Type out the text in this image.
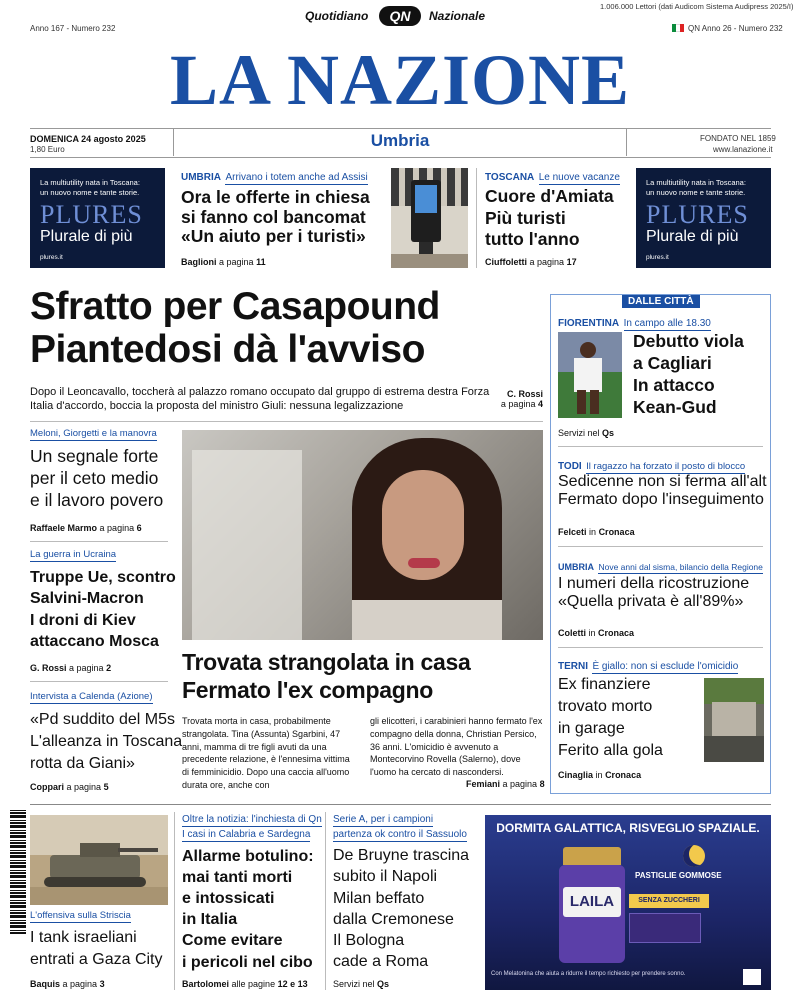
1.006.000 Lettori (dati Audicom Sistema Audipress 2025/I)
Anno 167 - Numero 232
Quotidiano	QN	Nazionale
QN Anno 26 - Numero 232
LA NAZIONE
DOMENICA 24 agosto 2025
1,80 Euro	Umbria	FONDATO NEL 1859
www.lanazione.it
La multiutility nata in Toscana:
un nuovo nome e tante storie.
PLURES
Plurale di più
plures.it
La multiutility nata in Toscana:
un nuovo nome e tante storie.
PLURES
Plurale di più
plures.it
UMBRIA Arrivano i totem anche ad Assisi
Ora le offerte in chiesa
si fanno col bancomat
«Un aiuto per i turisti»
Baglioni a pagina 11
TOSCANA Le nuove vacanze
Cuore d'Amiata
Più turisti
tutto l'anno
Ciuffoletti a pagina 17
Sfratto per Casapound
Piantedosi dà l'avviso
Dopo il Leoncavallo, toccherà al palazzo romano occupato dal gruppo di estrema destra Forza Italia d'accordo, boccia la proposta del ministro Giuli: nessuna legalizzazione
C. Rossi
a pagina 4
DALLE CITTÀ
FIORENTINA In campo alle 18.30
Debutto viola
a Cagliari
In attacco
Kean-Gud
Servizi nel Qs
TODI Il ragazzo ha forzato il posto di blocco
Sedicenne non si ferma all'alt
Fermato dopo l'inseguimento
Felceti in Cronaca
UMBRIA Nove anni dal sisma, bilancio della Regione
I numeri della ricostruzione
«Quella privata è all'89%»
Coletti in Cronaca
TERNI È giallo: non si esclude l'omicidio
Ex finanziere
trovato morto
in garage
Ferito alla gola
Cinaglia in Cronaca
Meloni, Giorgetti e la manovra
Un segnale forte
per il ceto medio
e il lavoro povero
Raffaele Marmo a pagina 6
La guerra in Ucraina
Truppe Ue, scontro
Salvini-Macron
I droni di Kiev
attaccano Mosca
G. Rossi a pagina 2
Intervista a Calenda (Azione)
«Pd suddito del M5s
L'alleanza in Toscana
rotta da Giani»
Coppari a pagina 5
Trovata strangolata in casa
Fermato l'ex compagno
Trovata morta in casa, probabilmente strangolata. Tina (Assunta) Sgarbini, 47 anni, mamma di tre figli avuti da una precedente relazione, è l'ennesima vittima di femminicidio. Dopo una caccia all'uomo durata ore, anche con
gli elicotteri, i carabinieri hanno fermato l'ex compagno della donna, Christian Persico, 36 anni. L'omicidio è avvenuto a Montecorvino Rovella (Salerno), dove l'uomo ha cercato di nascondersi.
Femiani a pagina 8
L'offensiva sulla Striscia
I tank israeliani
entrati a Gaza City
Baquis a pagina 3
Oltre la notizia: l'inchiesta di Qn
I casi in Calabria e Sardegna
Allarme botulino:
mai tanti morti
e intossicati
in Italia
Come evitare
i pericoli nel cibo
Bartolomei alle pagine 12 e 13
Serie A, per i campioni
partenza ok contro il Sassuolo
De Bruyne trascina
subito il Napoli
Milan beffato
dalla Cremonese
Il Bologna
cade a Roma
Servizi nel Qs
DORMITA GALATTICA, RISVEGLIO SPAZIALE.
LAILA
PASTIGLIE GOMMOSE
SENZA ZUCCHERI
Con Melatonina che aiuta a ridurre il tempo richiesto per prendere sonno.
